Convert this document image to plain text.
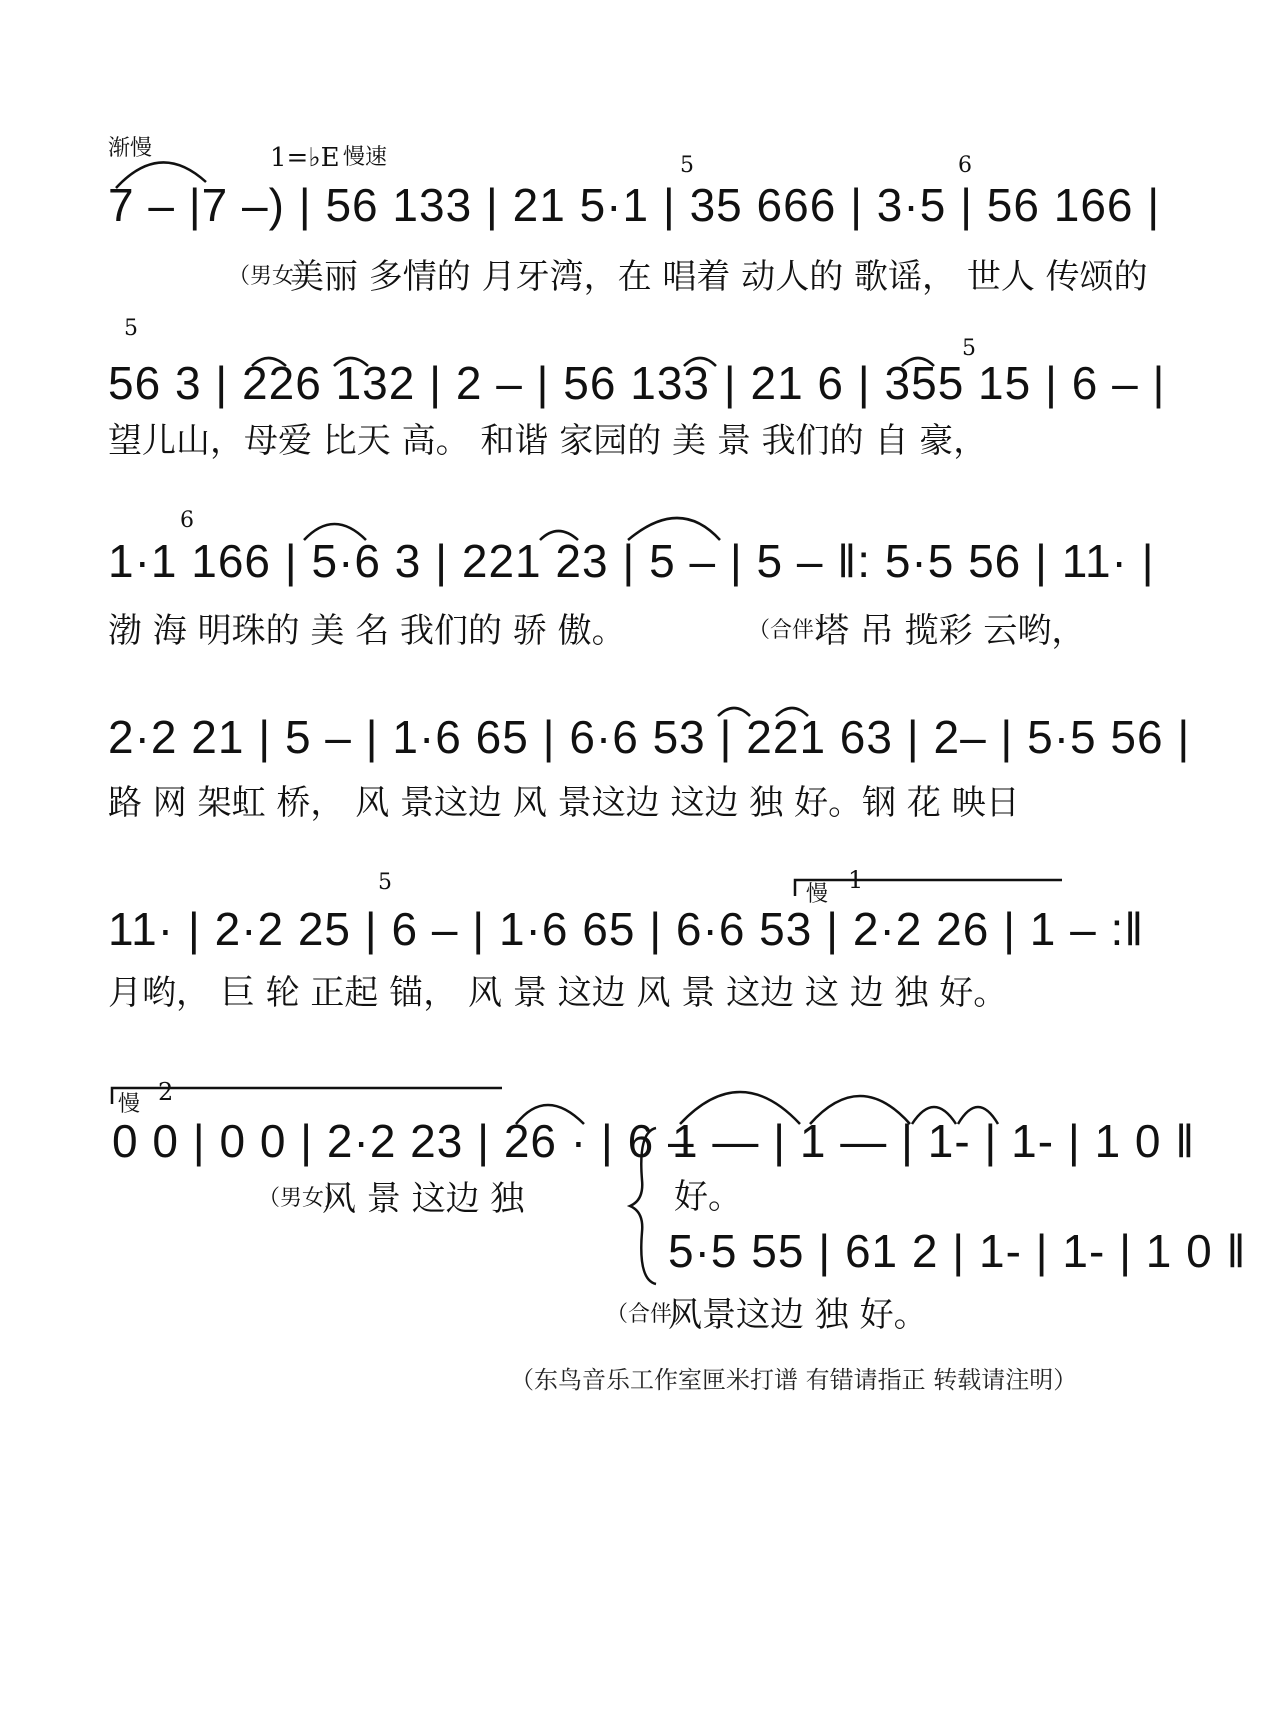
渐慢	1=♭E 慢速
7 – |7 –) | 56 133 | 21 5·1 | 35 666 | 3·5 | 56 166 |
5	6
（男女）
美丽 多情的 月牙湾，在 唱着 动人的 歌谣， 世人 传颂的
56 3 | 226 132 | 2 – | 56 133 | 21 6 | 355 15 | 6 – |
5
5
望儿山，母爱 比天 高。 和谐 家园的 美 景 我们的 自 豪，
1·1 166 | 5·6 3 | 221 23 | 5 – | 5 – ‖: 5·5 56 | 11· |
6
渤 海 明珠的 美 名 我们的 骄 傲。	（合伴）
塔 吊 揽彩 云哟，
2·2 21 | 5 – | 1·6 65 | 6·6 53 | 221 63 | 2– | 5·5 56 |
路 网 架虹 桥， 风 景这边 风 景这边 这边 独 好。钢 花 映日
11· | 2·2 25 | 6 – | 1·6 65 | 6·6 53 | 2·2 26 | 1 – :‖
5	1
慢
月哟， 巨 轮 正起 锚， 风 景 这边 风 景 这边 这 边 独 好。
2
慢
0 0 | 0 0 | 2·2 23 | 26 · | 6 –
（男女）
风 景 这边 独
1 — | 1 — | 1- | 1- | 1 0 ‖
好。
5·5 55 | 61 2 | 1- | 1- | 1 0 ‖
（合伴）
风景这边 独 好。
（东鸟音乐工作室匣米打谱 有错请指正 转载请注明）
